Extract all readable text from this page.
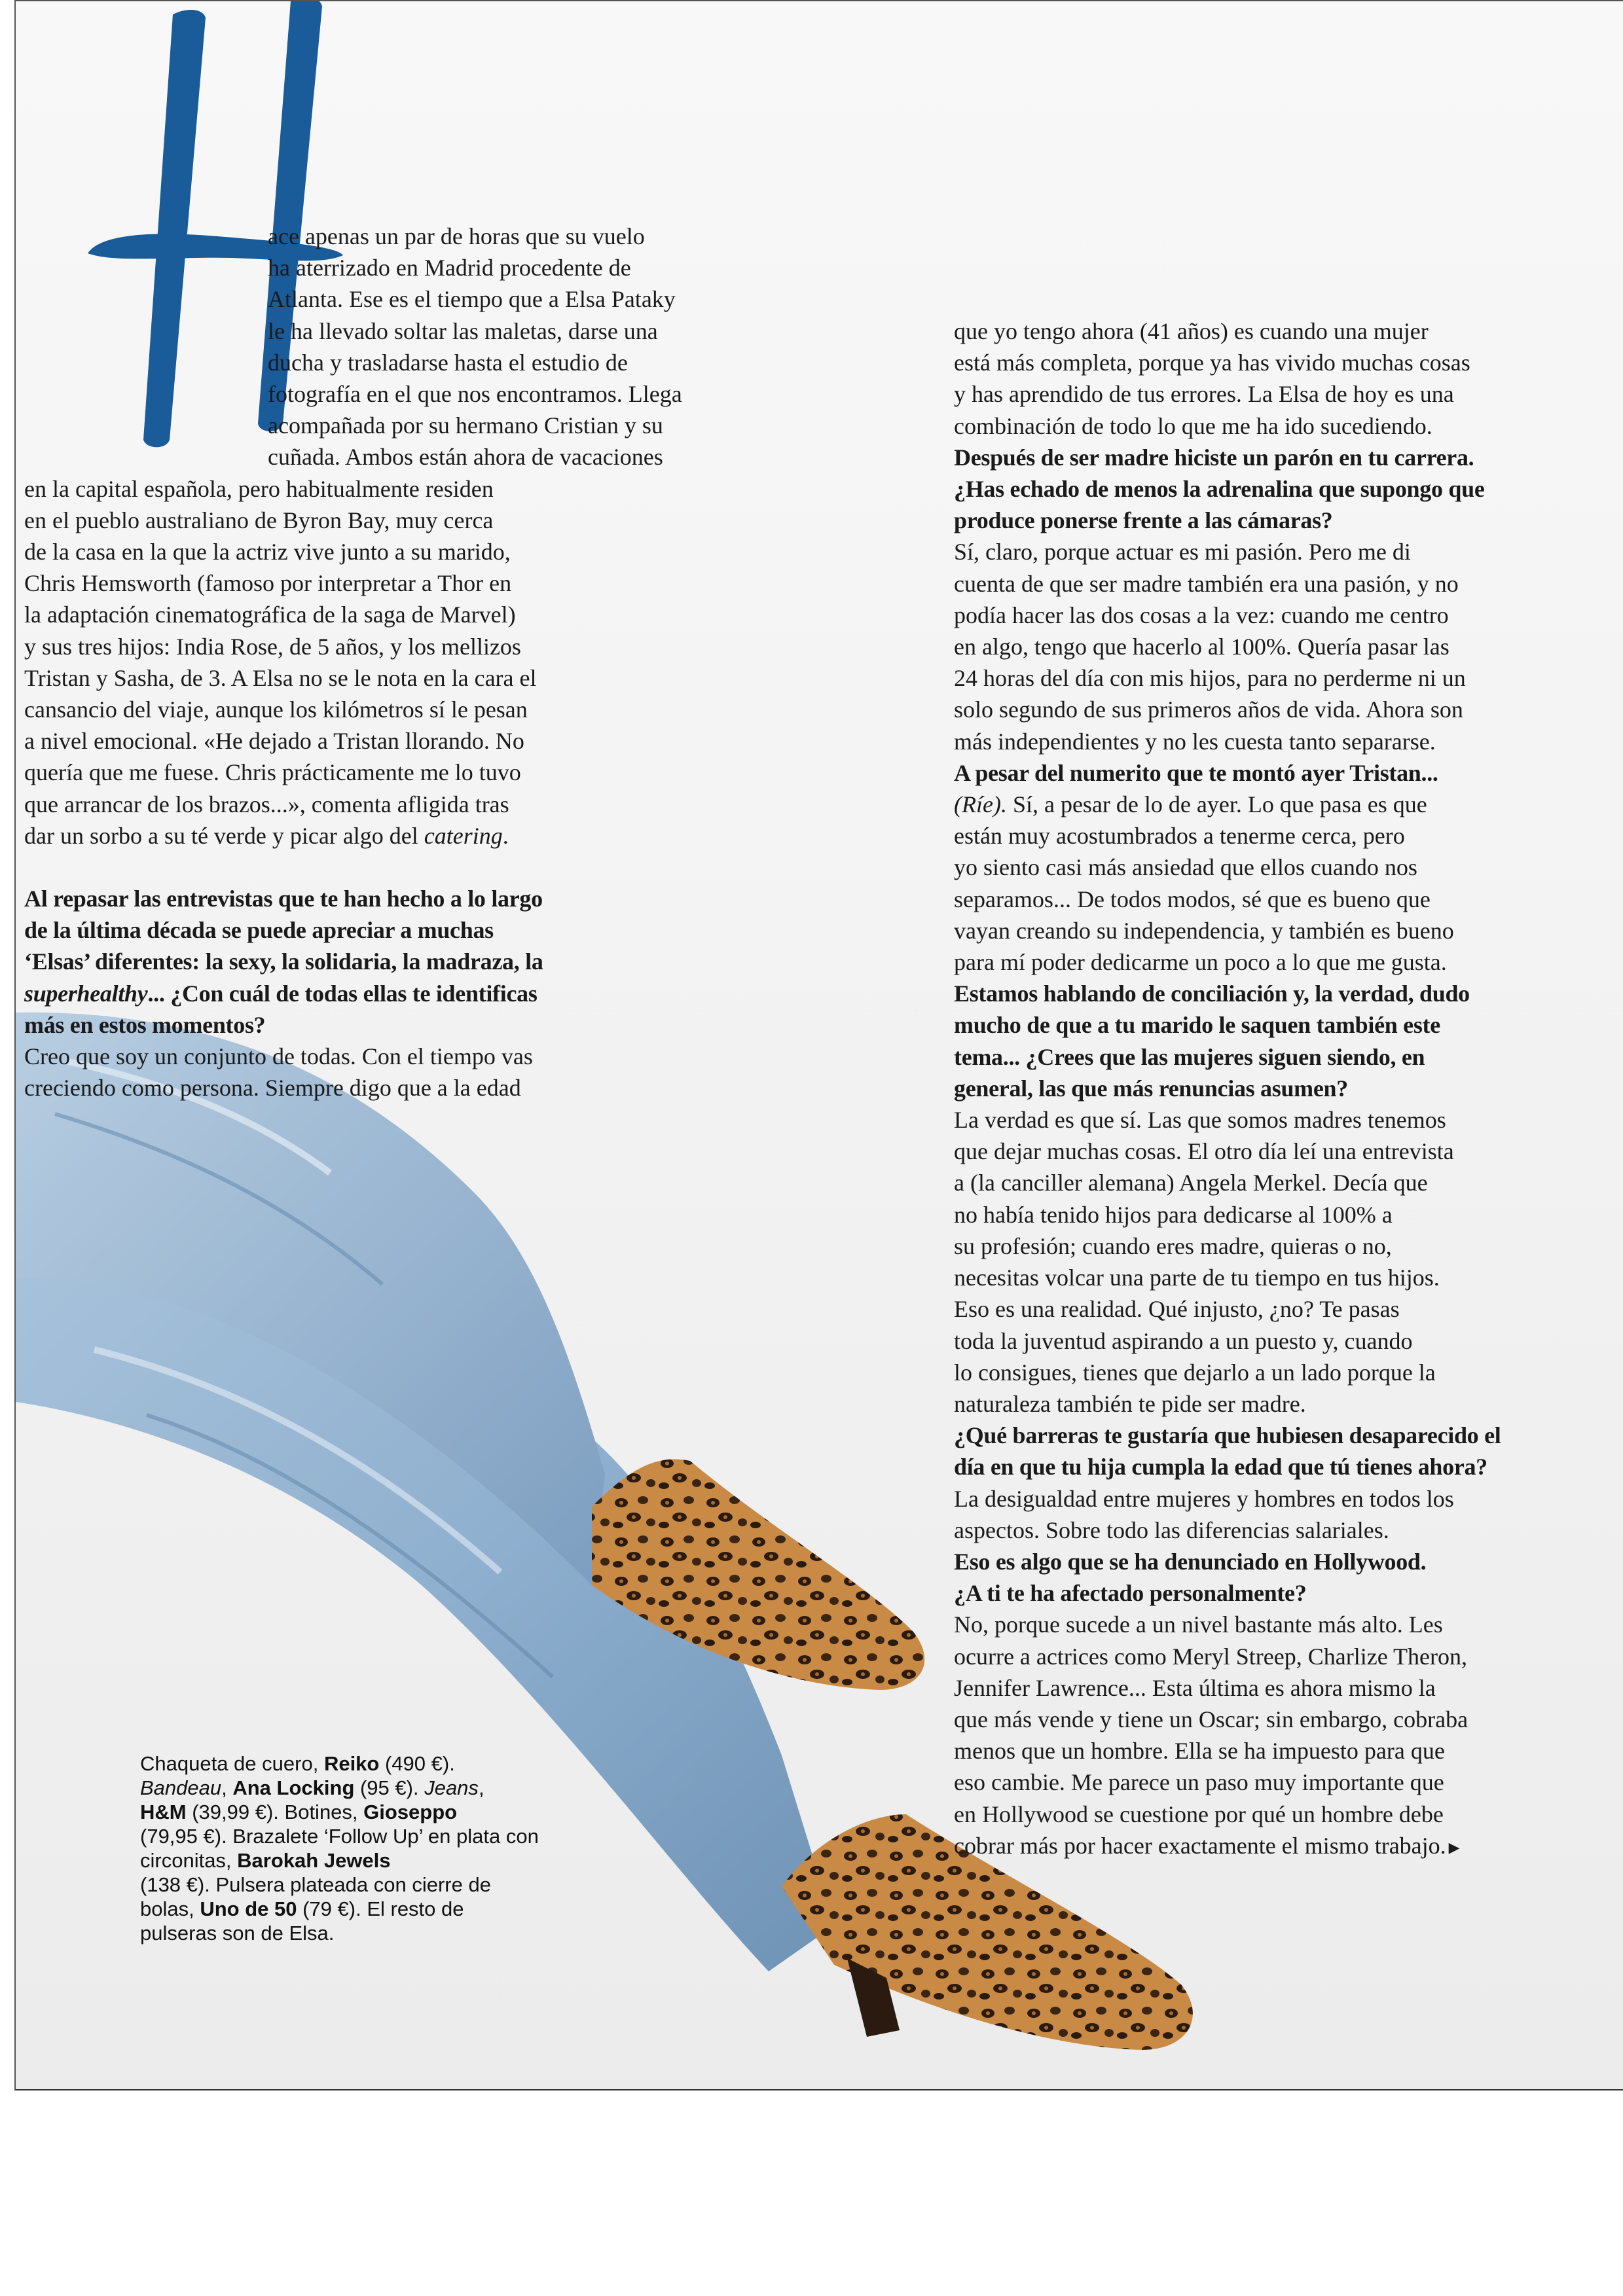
ace apenas un par de horas que su vuelo

ha aterrizado en Madrid procedente de

Atlanta. Ese es el tiempo que a Elsa Pataky

le ha llevado soltar las maletas, darse una

ducha y trasladarse hasta el estudio de

fotografía en el que nos encontramos. Llega

acompañada por su hermano Cristian y su

cuñada. Ambos están ahora de vacaciones

en la capital española, pero habitualmente residen

en el pueblo australiano de Byron Bay, muy cerca

de la casa en la que la actriz vive junto a su marido,

Chris Hemsworth (famoso por interpretar a Thor en

la adaptación cinematográfica de la saga de Marvel)

y sus tres hijos: India Rose, de 5 años, y los mellizos

Tristan y Sasha, de 3. A Elsa no se le nota en la cara el

cansancio del viaje, aunque los kilómetros sí le pesan

a nivel emocional. «He dejado a Tristan llorando. No

quería que me fuese. Chris prácticamente me lo tuvo

que arrancar de los brazos...», comenta afligida tras

dar un sorbo a su té verde y picar algo del catering.

Al repasar las entrevistas que te han hecho a lo largo

de la última década se puede apreciar a muchas

‘Elsas’ diferentes: la sexy, la solidaria, la madraza, la

superhealthy... ¿Con cuál de todas ellas te identificas

más en estos momentos?

Creo que soy un conjunto de todas. Con el tiempo vas

creciendo como persona. Siempre digo que a la edad

que yo tengo ahora (41 años) es cuando una mujer

está más completa, porque ya has vivido muchas cosas

y has aprendido de tus errores. La Elsa de hoy es una

combinación de todo lo que me ha ido sucediendo.

Después de ser madre hiciste un parón en tu carrera.

¿Has echado de menos la adrenalina que supongo que

produce ponerse frente a las cámaras?

Sí, claro, porque actuar es mi pasión. Pero me di

cuenta de que ser madre también era una pasión, y no

podía hacer las dos cosas a la vez: cuando me centro

en algo, tengo que hacerlo al 100%. Quería pasar las

24 horas del día con mis hijos, para no perderme ni un

solo segundo de sus primeros años de vida. Ahora son

más independientes y no les cuesta tanto separarse.

A pesar del numerito que te montó ayer Tristan...

(Ríe). Sí, a pesar de lo de ayer. Lo que pasa es que

están muy acostumbrados a tenerme cerca, pero

yo siento casi más ansiedad que ellos cuando nos

separamos... De todos modos, sé que es bueno que

vayan creando su independencia, y también es bueno

para mí poder dedicarme un poco a lo que me gusta.

Estamos hablando de conciliación y, la verdad, dudo

mucho de que a tu marido le saquen también este

tema... ¿Crees que las mujeres siguen siendo, en

general, las que más renuncias asumen?

La verdad es que sí. Las que somos madres tenemos

que dejar muchas cosas. El otro día leí una entrevista

a (la canciller alemana) Angela Merkel. Decía que

no había tenido hijos para dedicarse al 100% a

su profesión; cuando eres madre, quieras o no,

necesitas volcar una parte de tu tiempo en tus hijos.

Eso es una realidad. Qué injusto, ¿no? Te pasas

toda la juventud aspirando a un puesto y, cuando

lo consigues, tienes que dejarlo a un lado porque la

naturaleza también te pide ser madre.

¿Qué barreras te gustaría que hubiesen desaparecido el

día en que tu hija cumpla la edad que tú tienes ahora?

La desigualdad entre mujeres y hombres en todos los

aspectos. Sobre todo las diferencias salariales.

Eso es algo que se ha denunciado en Hollywood.

¿A ti te ha afectado personalmente?

No, porque sucede a un nivel bastante más alto. Les

ocurre a actrices como Meryl Streep, Charlize Theron,

Jennifer Lawrence... Esta última es ahora mismo la

que más vende y tiene un Oscar; sin embargo, cobraba

menos que un hombre. Ella se ha impuesto para que

eso cambie. Me parece un paso muy importante que

en Hollywood se cuestione por qué un hombre debe

cobrar más por hacer exactamente el mismo trabajo. ▶

Chaqueta de cuero, Reiko (490 €).
Bandeau, Ana Locking (95 €). Jeans,
H&M (39,99 €). Botines, Gioseppo
(79,95 €). Brazalete ‘Follow Up’ en plata con circonitas, Barokah Jewels
(138 €). Pulsera plateada con cierre de bolas, Uno de 50 (79 €). El resto de pulseras son de Elsa.
